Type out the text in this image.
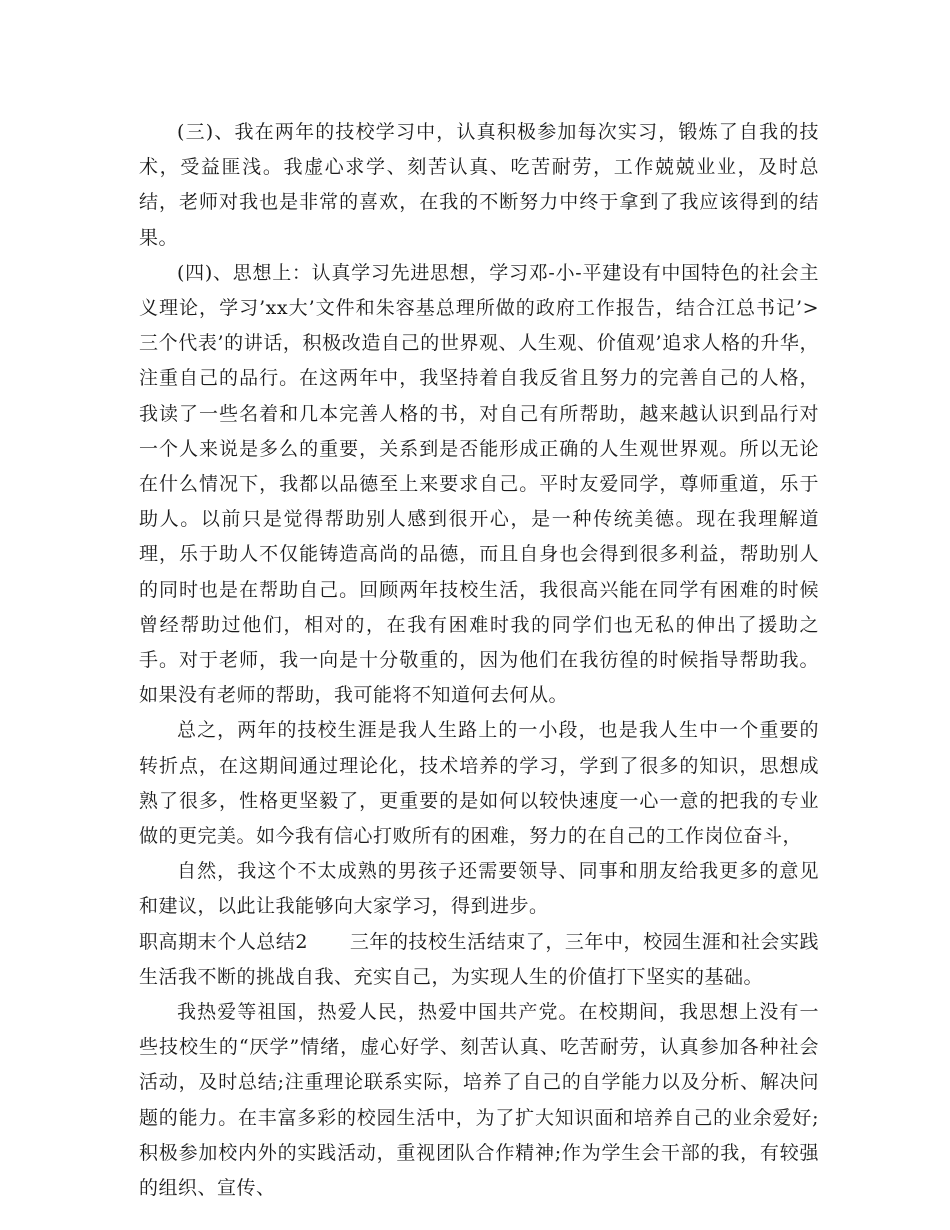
(三)、我在两年的技校学习中，认真积极参加每次实习，锻炼了自我的技术，受益匪浅。我虚心求学、刻苦认真、吃苦耐劳，工作兢兢业业，及时总结，老师对我也是非常的喜欢，在我的不断努力中终于拿到了我应该得到的结果。

(四)、思想上：认真学习先进思想，学习邓-小-平建设有中国特色的社会主义理论，学习’xx大’文件和朱容基总理所做的政府工作报告，结合江总书记’>三个代表’的讲话，积极改造自己的世界观、人生观、价值观’追求人格的升华，注重自己的品行。在这两年中，我坚持着自我反省且努力的完善自己的人格，我读了一些名着和几本完善人格的书，对自己有所帮助，越来越认识到品行对一个人来说是多么的重要，关系到是否能形成正确的人生观世界观。所以无论在什么情况下，我都以品德至上来要求自己。平时友爱同学，尊师重道，乐于助人。以前只是觉得帮助别人感到很开心，是一种传统美德。现在我理解道理，乐于助人不仅能铸造高尚的品德，而且自身也会得到很多利益，帮助别人的同时也是在帮助自己。回顾两年技校生活，我很高兴能在同学有困难的时候曾经帮助过他们，相对的，在我有困难时我的同学们也无私的伸出了援助之手。对于老师，我一向是十分敬重的，因为他们在我彷徨的时候指导帮助我。如果没有老师的帮助，我可能将不知道何去何从。

总之，两年的技校生涯是我人生路上的一小段，也是我人生中一个重要的转折点，在这期间通过理论化，技术培养的学习，学到了很多的知识，思想成熟了很多，性格更坚毅了，更重要的是如何以较快速度一心一意的把我的专业做的更完美。如今我有信心打败所有的困难，努力的在自己的工作岗位奋斗，

自然，我这个不太成熟的男孩子还需要领导、同事和朋友给我更多的意见和建议，以此让我能够向大家学习，得到进步。

职高期末个人总结2 三年的技校生活结束了，三年中，校园生涯和社会实践生活我不断的挑战自我、充实自己，为实现人生的价值打下坚实的基础。

我热爱等祖国，热爱人民，热爱中国共产党。在校期间，我思想上没有一些技校生的“厌学”情绪，虚心好学、刻苦认真、吃苦耐劳，认真参加各种社会活动，及时总结;注重理论联系实际，培养了自己的自学能力以及分析、解决问题的能力。在丰富多彩的校园生活中，为了扩大知识面和培养自己的业余爱好;积极参加校内外的实践活动，重视团队合作精神;作为学生会干部的我，有较强的组织、宣传、
